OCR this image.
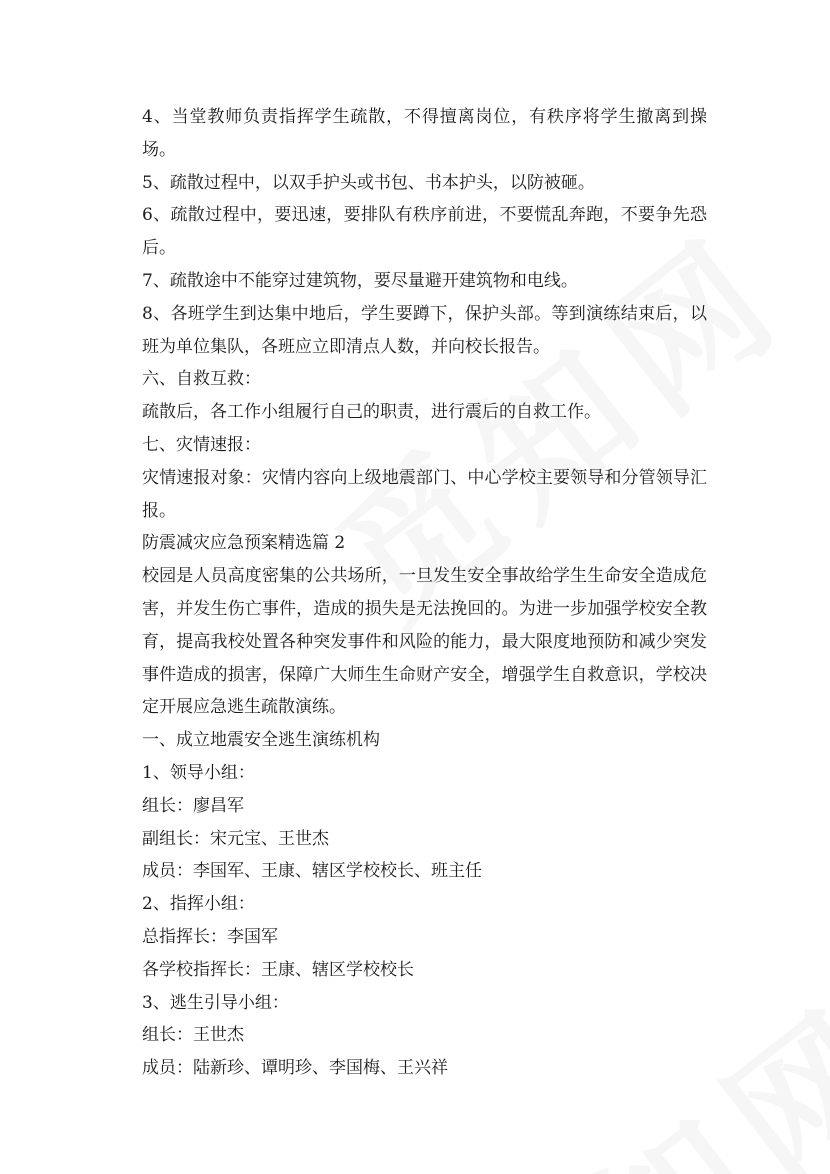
4、当堂教师负责指挥学生疏散，不得擅离岗位，有秩序将学生撤离到操场。

5、疏散过程中，以双手护头或书包、书本护头，以防被砸。

6、疏散过程中，要迅速，要排队有秩序前进，不要慌乱奔跑，不要争先恐后。

7、疏散途中不能穿过建筑物，要尽量避开建筑物和电线。

8、各班学生到达集中地后，学生要蹲下，保护头部。等到演练结束后，以班为单位集队，各班应立即清点人数，并向校长报告。

六、自救互救：

疏散后，各工作小组履行自己的职责，进行震后的自救工作。

七、灾情速报：

灾情速报对象：灾情内容向上级地震部门、中心学校主要领导和分管领导汇报。

防震减灾应急预案精选篇 2

校园是人员高度密集的公共场所，一旦发生安全事故给学生生命安全造成危害，并发生伤亡事件，造成的损失是无法挽回的。为进一步加强学校安全教育，提高我校处置各种突发事件和风险的能力，最大限度地预防和减少突发事件造成的损害，保障广大师生生命财产安全，增强学生自救意识，学校决定开展应急逃生疏散演练。

一、成立地震安全逃生演练机构

1、领导小组：

组长：廖昌军

副组长：宋元宝、王世杰

成员：李国军、王康、辖区学校校长、班主任

2、指挥小组：

总指挥长：李国军

各学校指挥长：王康、辖区学校校长

3、逃生引导小组：

组长：王世杰

成员：陆新珍、谭明珍、李国梅、王兴祥
